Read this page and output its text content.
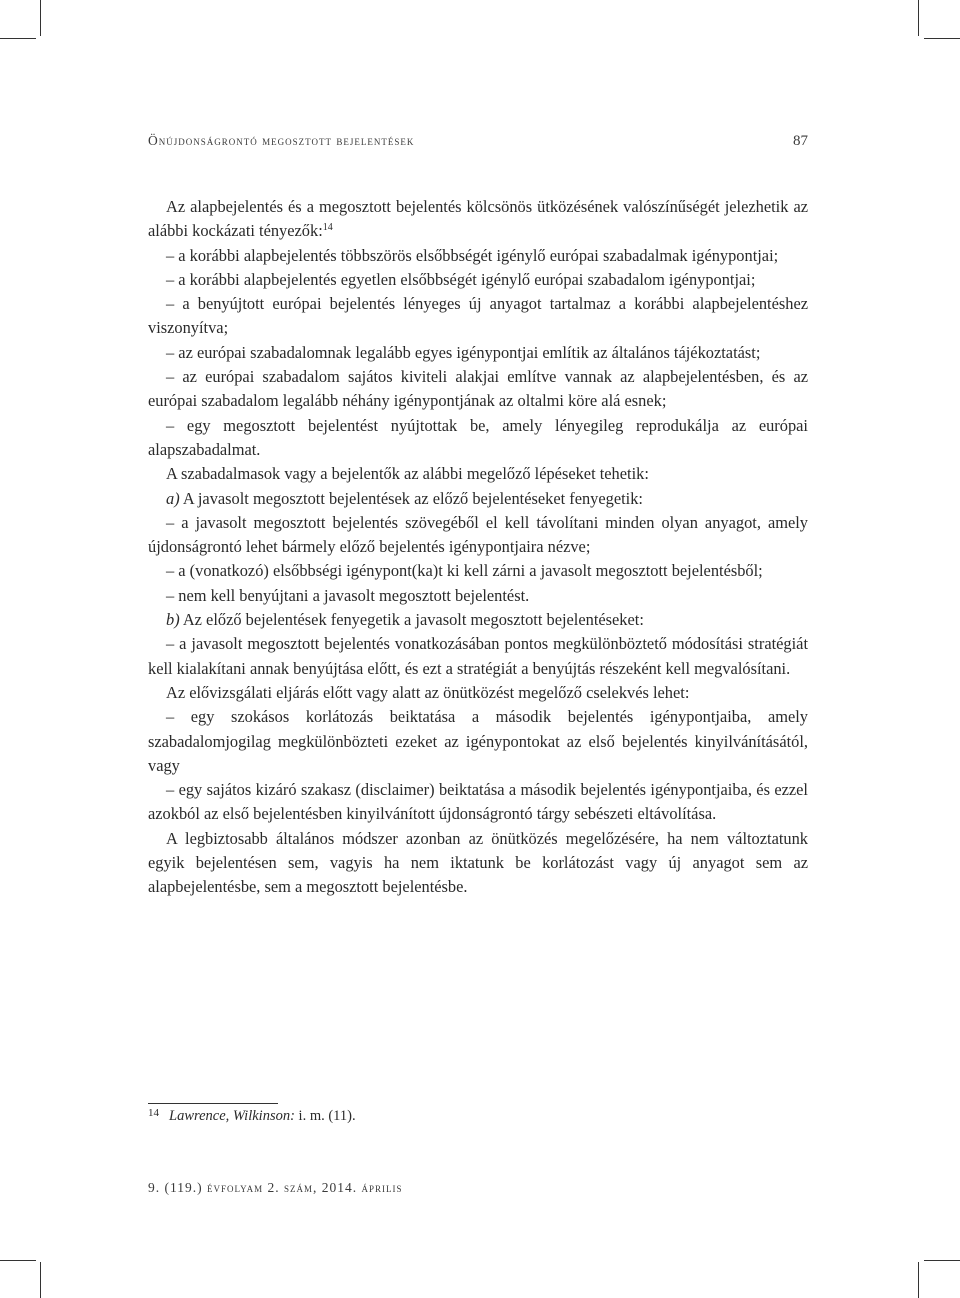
Önújdonságrontó megosztott bejelentések	87

Az alapbejelentés és a megosztott bejelentés kölcsönös ütközésének valószínűségét jelezhetik az alábbi kockázati tényezők:$^{14}$

– a korábbi alapbejelentés többszörös elsőbbségét igénylő európai szabadalmak igénypontjai;

– a korábbi alapbejelentés egyetlen elsőbbségét igénylő európai szabadalom igénypontjai;

– a benyújtott európai bejelentés lényeges új anyagot tartalmaz a korábbi alapbejelentéshez viszonyítva;

– az európai szabadalomnak legalább egyes igénypontjai említik az általános tájékoztatást;

– az európai szabadalom sajátos kiviteli alakjai említve vannak az alapbejelentésben, és az európai szabadalom legalább néhány igénypontjának az oltalmi köre alá esnek;

– egy megosztott bejelentést nyújtottak be, amely lényegileg reprodukálja az európai alapszabadalmat.

A szabadalmasok vagy a bejelentők az alábbi megelőző lépéseket tehetik:

a) A javasolt megosztott bejelentések az előző bejelentéseket fenyegetik:

– a javasolt megosztott bejelentés szövegéből el kell távolítani minden olyan anyagot, amely újdonságrontó lehet bármely előző bejelentés igénypontjaira nézve;

– a (vonatkozó) elsőbbségi igénypont(ka)t ki kell zárni a javasolt megosztott bejelentésből;

– nem kell benyújtani a javasolt megosztott bejelentést.

b) Az előző bejelentések fenyegetik a javasolt megosztott bejelentéseket:

– a javasolt megosztott bejelentés vonatkozásában pontos megkülönböztető módosítási stratégiát kell kialakítani annak benyújtása előtt, és ezt a stratégiát a benyújtás részeként kell megvalósítani.

Az elővizsgálati eljárás előtt vagy alatt az önütközést megelőző cselekvés lehet:

– egy szokásos korlátozás beiktatása a második bejelentés igénypontjaiba, amely szabadalomjogilag megkülönbözteti ezeket az igénypontokat az első bejelentés kinyilvánításától, vagy

– egy sajátos kizáró szakasz (disclaimer) beiktatása a második bejelentés igénypontjaiba, és ezzel azokból az első bejelentésben kinyilvánított újdonságrontó tárgy sebészeti eltávolítása.

A legbiztosabb általános módszer azonban az önütközés megelőzésére, ha nem változtatunk egyik bejelentésen sem, vagyis ha nem iktatunk be korlátozást vagy új anyagot sem az alapbejelentésbe, sem a megosztott bejelentésbe.

$^{14}$ Lawrence, Wilkinson: i. m. (11).
9. (119.) évfolyam 2. szám, 2014. április
